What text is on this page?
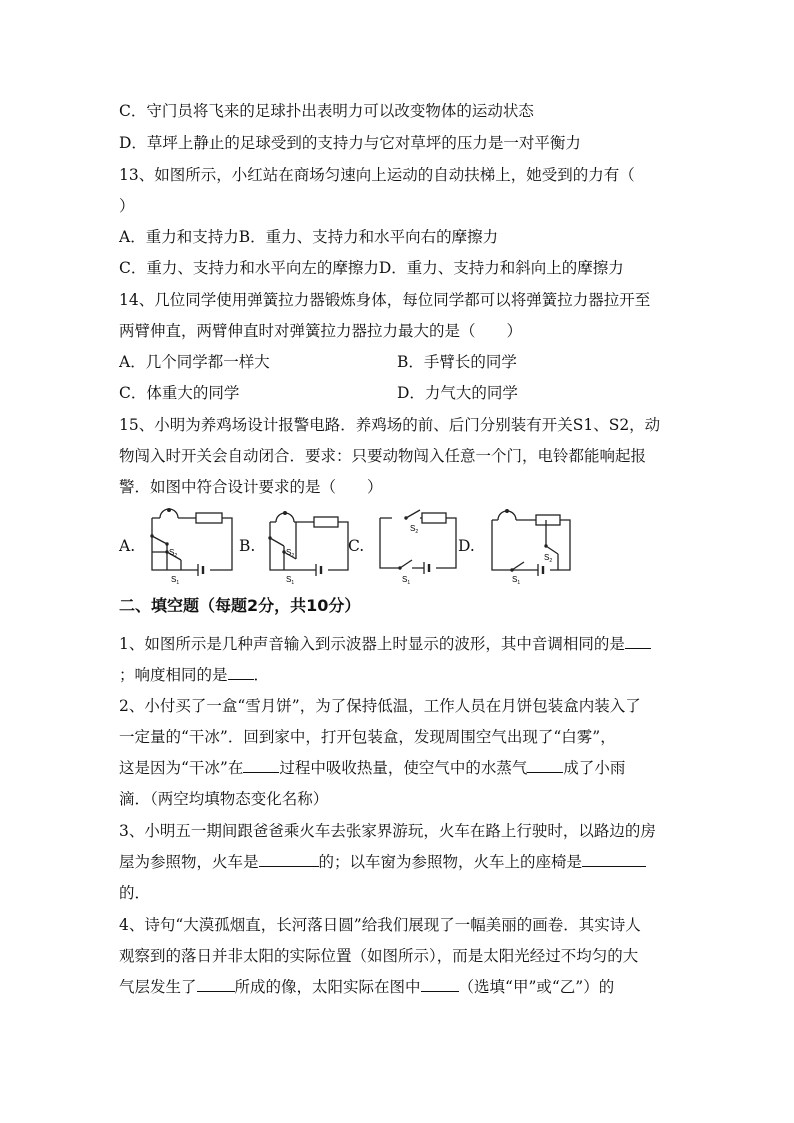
C．守门员将飞来的足球扑出表明力可以改变物体的运动状态
D．草坪上静止的足球受到的支持力与它对草坪的压力是一对平衡力
13、如图所示，小红站在商场匀速向上运动的自动扶梯上，她受到的力有（
）
A．重力和支持力B．重力、支持力和水平向右的摩擦力
C．重力、支持力和水平向左的摩擦力D．重力、支持力和斜向上的摩擦力
14、几位同学使用弹簧拉力器锻炼身体，每位同学都可以将弹簧拉力器拉开至
两臂伸直，两臂伸直时对弹簧拉力器拉力最大的是（　　）
A．几个同学都一样大	B．手臂长的同学
C．体重大的同学	D．力气大的同学
15、小明为养鸡场设计报警电路．养鸡场的前、后门分别装有开关S1、S2，动
物闯入时开关会自动闭合．要求：只要动物闯入任意一个门，电铃都能响起报
警．如图中符合设计要求的是（　　）
A.	B.	C.	D.
$S_2$
$S_1$
$S_2$
$S_1$
$S_2$
$S_1$
$S_2$
$S_1$
二、填空题（每题2分，共10分）
1、如图所示是几种声音输入到示波器上时显示的波形，其中音调相同的是
；响度相同的是 ．
2、小付买了一盒“雪月饼”，为了保持低温，工作人员在月饼包装盒内装入了
一定量的“干冰”．回到家中，打开包装盒，发现周围空气出现了“白雾”，
这是因为“干冰”在 过程中吸收热量，使空气中的水蒸气 成了小雨
滴．（两空均填物态变化名称）
3、小明五一期间跟爸爸乘火车去张家界游玩，火车在路上行驶时，以路边的房
屋为参照物，火车是	的；以车窗为参照物，火车上的座椅是
的．
4、诗句“大漠孤烟直，长河落日圆”给我们展现了一幅美丽的画卷．其实诗人
观察到的落日并非太阳的实际位置（如图所示），而是太阳光经过不均匀的大
气层发生了 所成的像，太阳实际在图中 （选填“甲”或“乙”）的
